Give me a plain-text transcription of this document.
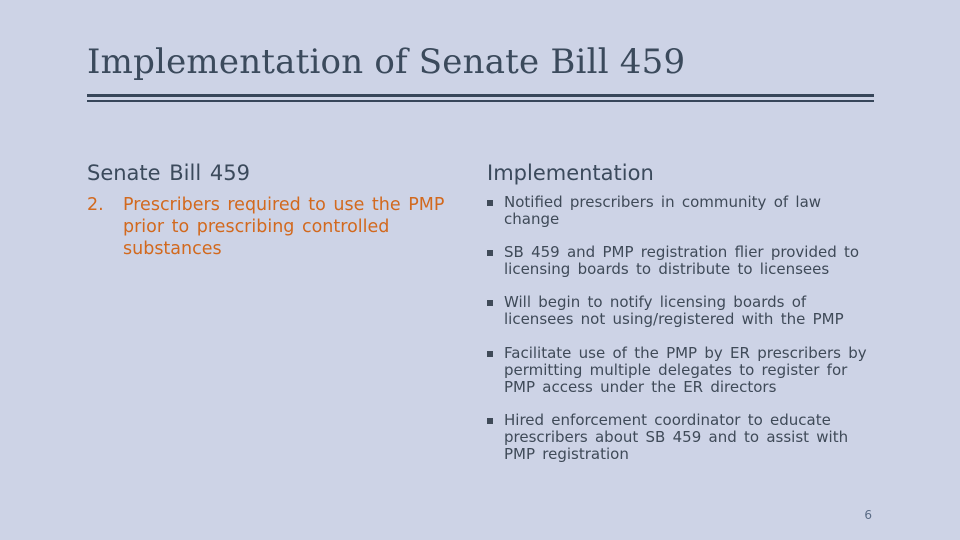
Implementation of Senate Bill 459
Senate Bill 459	Implementation
2. Prescribers required to use the PMP prior to prescribing controlled substances
Notified prescribers in community of law change
SB 459 and PMP registration flier provided to licensing boards to distribute to licensees
Will begin to notify licensing boards of licensees not using/registered with the PMP
Facilitate use of the PMP by ER prescribers by permitting multiple delegates to register for PMP access under the ER directors
Hired enforcement coordinator to educate prescribers about SB 459 and to assist with PMP registration
6
